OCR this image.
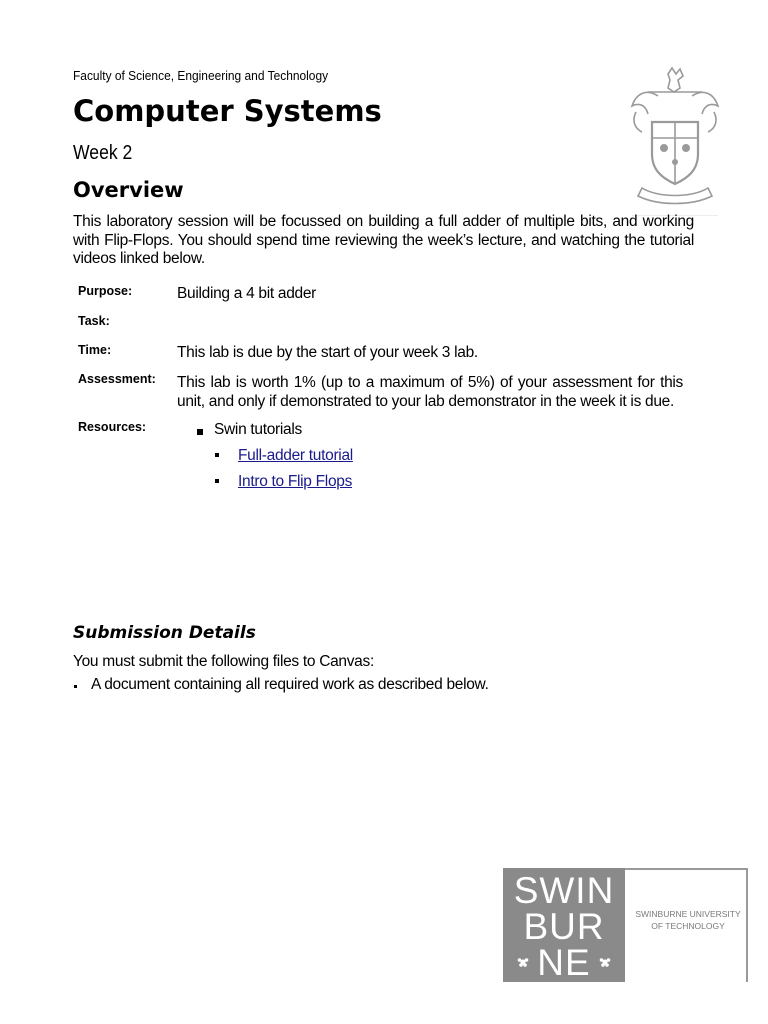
Faculty of Science, Engineering and Technology
Computer Systems
Week 2
Overview
This laboratory session will be focussed on building a full adder of multiple bits, and working with Flip-Flops. You should spend time reviewing the week’s lecture, and watching the tutorial videos linked below.
Purpose:	Building a 4 bit adder
Task:
Time:	This lab is due by the start of your week 3 lab.
Assessment: This lab is worth 1% (up to a maximum of 5%) of your assessment for this unit, and only if demonstrated to your lab demonstrator in the week it is due.
Resources:	Swin tutorials
Full-adder tutorial
Intro to Flip Flops
Submission Details
You must submit the following files to Canvas:
A document containing all required work as described below.
SWIN
BUR
NE
SWINBURNE UNIVERSITY
OF TECHNOLOGY
